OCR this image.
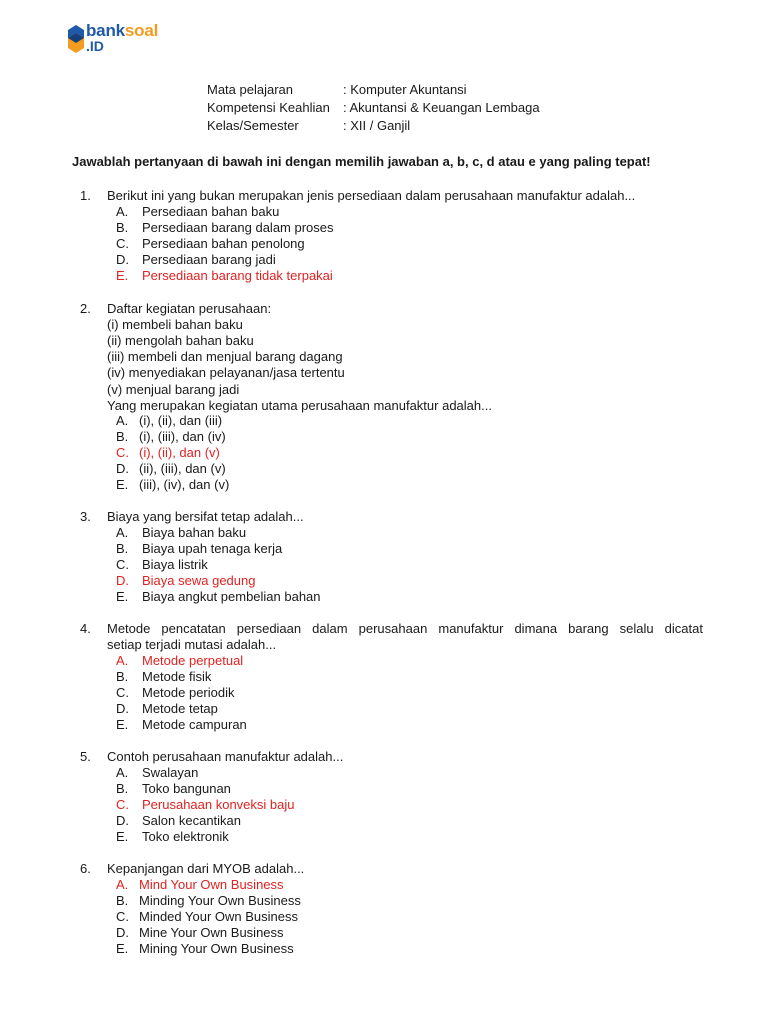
banksoal
.ID
Mata pelajaran	: Komputer Akuntansi
Kompetensi Keahlian	: Akuntansi & Keuangan Lembaga
Kelas/Semester	: XII / Ganjil
Jawablah pertanyaan di bawah ini dengan memilih jawaban a, b, c, d atau e yang paling tepat!
1. Berikut ini yang bukan merupakan jenis persediaan dalam perusahaan manufaktur adalah...
A. Persediaan bahan baku
B. Persediaan barang dalam proses
C. Persediaan bahan penolong
D. Persediaan barang jadi
E. Persediaan barang tidak terpakai
2. Daftar kegiatan perusahaan:
(i) membeli bahan baku
(ii) mengolah bahan baku
(iii) membeli dan menjual barang dagang
(iv) menyediakan pelayanan/jasa tertentu
(v) menjual barang jadi
Yang merupakan kegiatan utama perusahaan manufaktur adalah...
A. (i), (ii), dan (iii)
B. (i), (iii), dan (iv)
C. (i), (ii), dan (v)
D. (ii), (iii), dan (v)
E. (iii), (iv), dan (v)
3. Biaya yang bersifat tetap adalah...
A. Biaya bahan baku
B. Biaya upah tenaga kerja
C. Biaya listrik
D. Biaya sewa gedung
E. Biaya angkut pembelian bahan
4. Metode pencatatan persediaan dalam perusahaan manufaktur dimana barang selalu dicatat
setiap terjadi mutasi adalah...
A. Metode perpetual
B. Metode fisik
C. Metode periodik
D. Metode tetap
E. Metode campuran
5. Contoh perusahaan manufaktur adalah...
A. Swalayan
B. Toko bangunan
C. Perusahaan konveksi baju
D. Salon kecantikan
E. Toko elektronik
6. Kepanjangan dari MYOB adalah...
A. Mind Your Own Business
B. Minding Your Own Business
C. Minded Your Own Business
D. Mine Your Own Business
E. Mining Your Own Business
